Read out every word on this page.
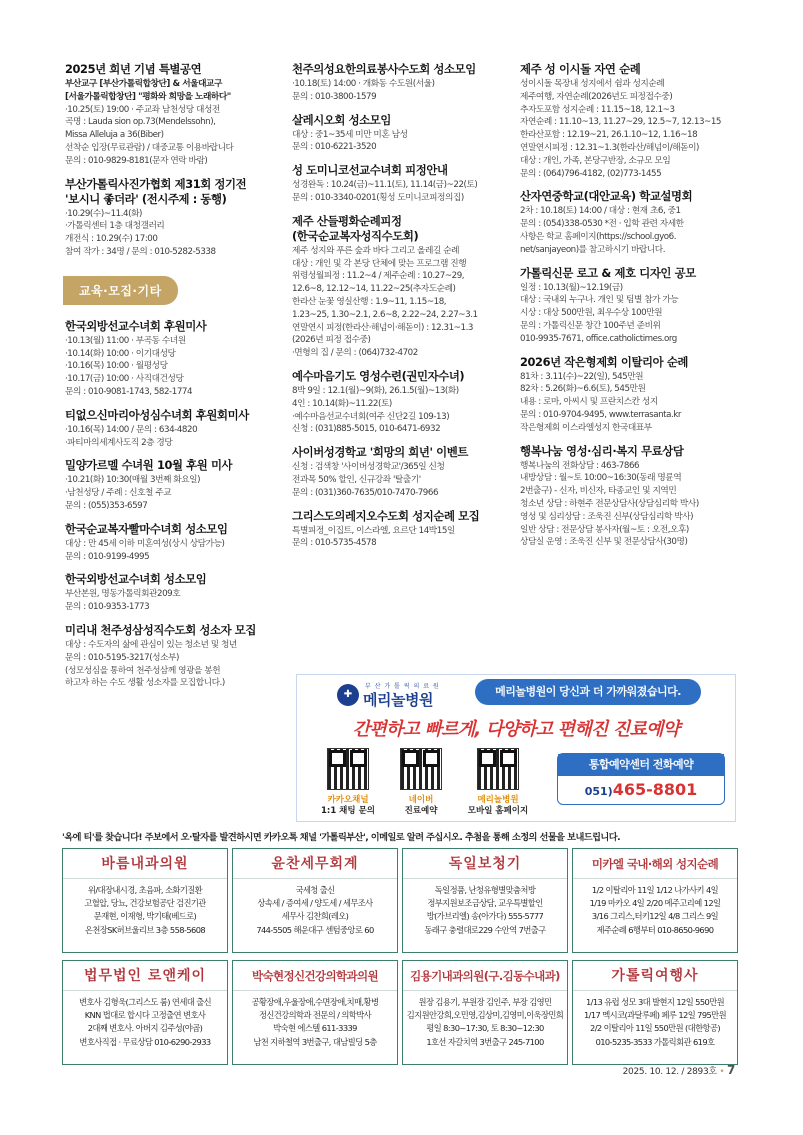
2025년 희년 기념 특별공연
부산교구 [부산가톨릭합창단] & 서울대교구
[서울가톨릭합창단] "평화와 희망을 노래하다"
·10.25(토) 19:00 · 주교좌 남천성당 대성전
곡명 : Lauda sion op.73(Mendelssohn),
Missa Alleluja a 36(Biber)
선착순 입장(무료관람) / 대중교통 이용바랍니다
문의 : 010-9829-8181(문자 연락 바람)
부산가톨릭사진가협회 제31회 정기전
'보시니 좋더라' (전시주제 : 동행)
·10.29(수)~11.4(화)
·가톨릭센터 1층 대청갤러리
개전식 : 10.29(수) 17:00
참여 작가 : 34명 / 문의 : 010-5282-5338
교육·모집·기타
한국외방선교수녀회 후원미사
·10.13(월) 11:00 · 부곡동 수녀원
·10.14(화) 10:00 · 이기대성당
·10.16(목) 10:00 · 월평성당
·10.17(금) 10:00 · 사직대건성당
문의 : 010-9081-1743, 582-1774
티없으신마리아성심수녀회 후원회미사
·10.16(목) 14:00 / 문의 : 634-4820
·파티마의세계사도직 2층 경당
밀양가르멜 수녀원 10월 후원 미사
·10.21(화) 10:30(매월 3번째 화요일)
·남천성당 / 주례 : 신호철 주교
문의 : (055)353-6597
한국순교복자빨마수녀회 성소모임
대상 : 만 45세 이하 미혼여성(상시 상담가능)
문의 : 010-9199-4995
한국외방선교수녀회 성소모임
부산본원, 명동가톨릭회관209호
문의 : 010-9353-1773
미리내 천주성삼성직수도회 성소자 모집
대상 : 수도자의 삶에 관심이 있는 청소년 및 청년
문의 : 010-5195-3217(성소부)
(성모성심을 통하여 천주성삼께 영광을 봉헌
하고자 하는 수도 생활 성소자를 모집합니다.)
천주의성요한의료봉사수도회 성소모임
·10.18(토) 14:00 · 개화동 수도원(서울)
문의 : 010-3800-1579
살레시오회 성소모임
대상 : 중1~35세 미만 미혼 남성
문의 : 010-6221-3520
성 도미니코선교수녀회 피정안내
성경완독 : 10.24(금)~11.1(토), 11.14(금)~22(토)
문의 : 010-3340-0201(횡성 도미니코피정의집)
제주 산들평화순례피정
(한국순교복자성직수도회)
제주 성지와 푸른 숲과 바다 그리고 올레길 순례
대상 : 개인 및 각 본당 단체에 맞는 프로그램 진행
위령성월피정 : 11.2~4 / 제주순례 : 10.27~29,
12.6~8, 12.12~14, 11.22~25(추자도순례)
한라산 눈꽃 영실산행 : 1.9~11, 1.15~18,
1.23~25, 1.30~2.1, 2.6~8, 2.22~24, 2.27~3.1
연말연시 피정(한라산·해넘이·해돋이) : 12.31~1.3
(2026년 피정 접수중)
·면형의 집 / 문의 : (064)732-4702
예수마음기도 영성수련(권민자수녀)
8박 9일 : 12.1(월)~9(화), 26.1.5(월)~13(화)
4인 : 10.14(화)~11.22(토)
·예수마음선교수녀회(여주 신단2길 109-13)
신청 : (031)885-5015, 010-6471-6932
사이버성경학교 '희망의 희년' 이벤트
신청 : 검색창 '사이버성경학교'/365일 신청
전과목 50% 할인, 신규강좌 '탈출기'
문의 : (031)360-7635/010-7470-7966
그리스도의레지오수도회 성지순례 모집
특별피정_이집트, 이스라엘, 요르단 14박15일
문의 : 010-5735-4578
제주 성 이시돌 자연 순례
성이시돌 목장내 성지에서 쉼과 성지순례
제주여행, 자연순례(2026년도 피정접수중)
추자도포함 성지순례 : 11.15~18, 12.1~3
자연순례 : 11.10~13, 11.27~29, 12.5~7, 12.13~15
한라산포함 : 12.19~21, 26.1.10~12, 1.16~18
연말연시피정 : 12.31~1.3(한라산/해넘이/해돋이)
대상 : 개인, 가족, 본당구반장, 소규모 모임
문의 : (064)796-4182, (02)773-1455
산자연중학교(대안교육) 학교설명회
2차 : 10.18(토) 14:00 / 대상 : 현재 초6, 중1
문의 : (054)338-0530 *전 · 입학 관련 자세한
사항은 학교 홈페이지(https://school.gyo6.
net/sanjayeon)를 참고하시기 바랍니다.
가톨릭신문 로고 & 제호 디자인 공모
일정 : 10.13(월)~12.19(금)
대상 : 국내외 누구나. 개인 및 팀별 참가 가능
시상 : 대상 500만원, 최우수상 100만원
문의 : 가톨릭신문 창간 100주년 준비위
010-9935-7671, office.catholictimes.org
2026년 작은형제회 이탈리아 순례
81차 : 3.11(수)~22(일), 545만원
82차 : 5.26(화)~6.6(토), 545만원
내용 : 로마, 아씨시 및 프란치스칸 성지
문의 : 010-9704-9495, www.terrasanta.kr
작은형제회 이스라엘성지 한국대표부
행복나눔 영성·심리·복지 무료상담
행복나눔의 전화상담 : 463-7866
내방상담 : 월~토 10:00~16:30(동래 명륜역
2번출구) - 신자, 비신자, 타종교인 및 지역민
청소년 상담 : 하현주 전문상담사(상담심리학 박사)
영성 및 심리상담 : 조욱진 신부(상담심리학 박사)
일반 상담 : 전문상담 봉사자(월~토 : 오전,오후)
상담실 운영 : 조욱진 신부 및 전문상담사(30명)
✚
부 산 가 톨 릭 의 료 원
메리놀병원	메리놀병원이 당신과 더 가까워졌습니다.
간편하고 빠르게, 다양하고 편해진 진료예약
카카오채널
1:1 채팅 문의
네이버
진료예약
메리놀병원
모바일 홈페이지
통합예약센터 전화예약
051)465-8801
'옥에 티'를 찾습니다! 주보에서 오·탈자를 발견하시면 카카오톡 채널 '가톨릭부산', 이메일로 알려 주십시오. 추첨을 통해 소정의 선물을 보내드립니다.
바름내과의원
위/대장내시경, 초음파, 소화기질환
고혈압, 당뇨, 건강보험공단 검진기관
문재현, 이재형, 박기태(베드로)
온천장SK허브울리브 3층 558-5608
윤찬세무회계
국세청 출신
상속세 / 증여세 / 양도세 / 세무조사
세무사 김찬희(레오)
744-5505 해운대구 센텀중앙로 60
독일보청기
독일정품, 난청유형별맞춤처방
정부지원보조금상담, 교우특별할인
방(가브리엘) 송(아가다) 555-5777
동래구 충렬대로229 수안역 7번출구
미카엘 국내·해외 성지순례
1/2 이탈리아 11일 1/12 나가사키 4일
1/19 마카오 4일 2/20 메주고리예 12일
3/16 그리스,터키12일 4/8 그리스 9일
제주순례 6행부터 010-8650-9690
법무법인 로앤케이
변호사 김형욱(그리스도 룸) 연세대 출신
KNN 법대로 합시다 고정출연 변호사
2대째 변호사. 아버지 김주성(야곱)
변호사직접 · 무료상담 010-6290-2933
박숙현정신건강의학과의원
공황장애,우울장애,수면장애,치매,황병
정신건강의학과 전문의 / 의학박사
박숙현 에스텔 611-3339
남천 지하철역 3번출구, 대남빌딩 5층
김용기내과의원(구.김동수내과)
원장 김용기, 부원장 김인주, 부장 김영민
김지원안강희,오민영,김상미,김영미,이욱장민희
평일 8:30~17:30, 토 8:30~12:30
1호선 자갈치역 3번출구 245-7100
가톨릭여행사
1/13 유럽 성모 3대 발현지 12일 550만원
1/17 멕시코(과달루페) 페루 12일 795만원
2/2 이탈리아 11일 550만원 (대한항공)
010-5235-3533 가톨릭회관 619호
2025. 10. 12. / 2893호 • 7
